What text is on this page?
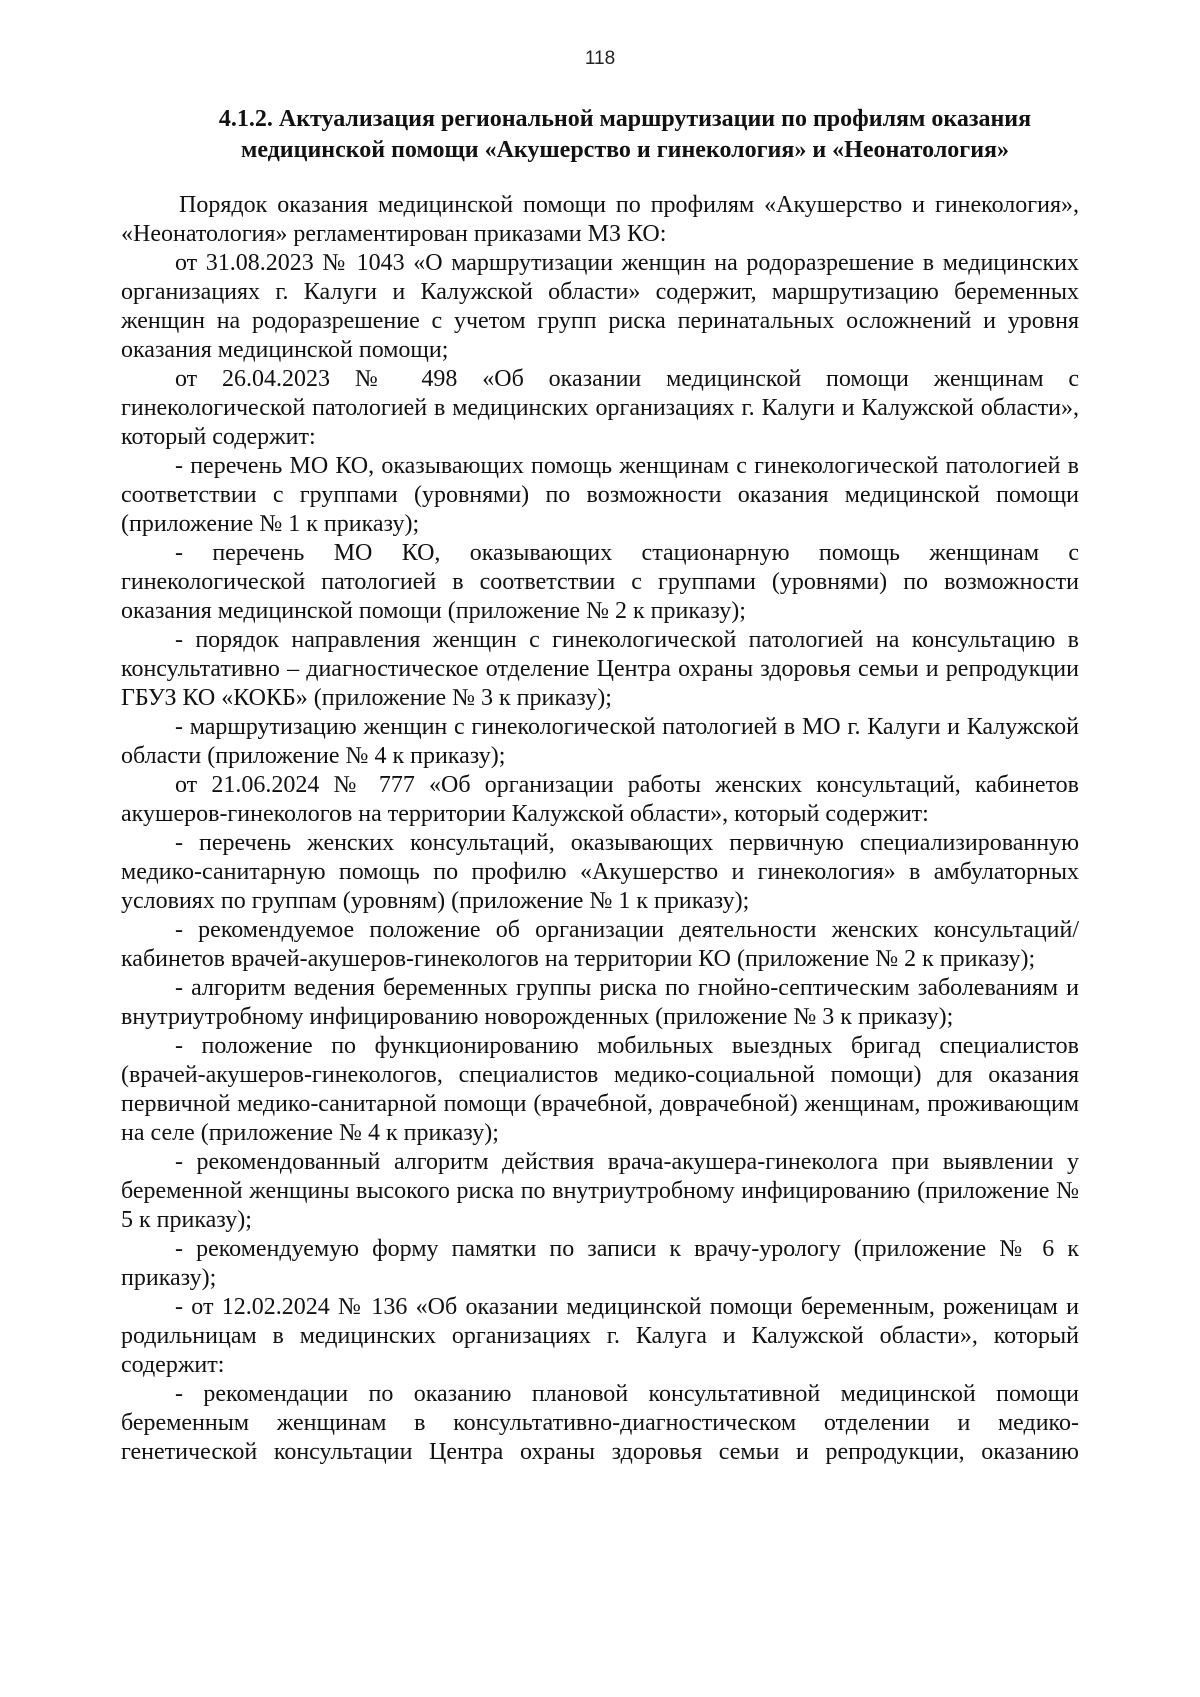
118
4.1.2. Актуализация региональной маршрутизации по профилям оказания
медицинской помощи «Акушерство и гинекология» и «Неонатология»

Порядок оказания медицинской помощи по профилям «Акушерство и гинекология», «Неонатология» регламентирован приказами МЗ КО:

от 31.08.2023 № 1043 «О маршрутизации женщин на родоразрешение в медицинских организациях г. Калуги и Калужской области» содержит, маршрутизацию беременных женщин на родоразрешение с учетом групп риска перинатальных осложнений и уровня оказания медицинской помощи;

от 26.04.2023 № 498 «Об оказании медицинской помощи женщинам с гинекологической патологией в медицинских организациях г. Калуги и Калужской области», который содержит:

- перечень МО КО, оказывающих помощь женщинам с гинекологической патологией в соответствии с группами (уровнями) по возможности оказания медицинской помощи (приложение № 1 к приказу);

- перечень МО КО, оказывающих стационарную помощь женщинам с гинекологической патологией в соответствии с группами (уровнями) по возможности оказания медицинской помощи (приложение № 2 к приказу);

- порядок направления женщин с гинекологической патологией на консультацию в консультативно – диагностическое отделение Центра охраны здоровья семьи и репродукции ГБУЗ КО «КОКБ» (приложение № 3 к приказу);

- маршрутизацию женщин с гинекологической патологией в МО г. Калуги и Калужской области (приложение № 4 к приказу);

от 21.06.2024 № 777 «Об организации работы женских консультаций, кабинетов акушеров-гинекологов на территории Калужской области», который содержит:

- перечень женских консультаций, оказывающих первичную специализированную медико-санитарную помощь по профилю «Акушерство и гинекология» в амбулаторных условиях по группам (уровням) (приложение № 1 к приказу);

- рекомендуемое положение об организации деятельности женских консультаций/кабинетов врачей-акушеров-гинекологов на территории КО (приложение № 2 к приказу);

- алгоритм ведения беременных группы риска по гнойно-септическим заболеваниям и внутриутробному инфицированию новорожденных (приложение № 3 к приказу);

- положение по функционированию мобильных выездных бригад специалистов (врачей-акушеров-гинекологов, специалистов медико-социальной помощи) для оказания первичной медико-санитарной помощи (врачебной, доврачебной) женщинам, проживающим на селе (приложение № 4 к приказу);

- рекомендованный алгоритм действия врача-акушера-гинеколога при выявлении у беременной женщины высокого риска по внутриутробному инфицированию (приложение № 5 к приказу);

- рекомендуемую форму памятки по записи к врачу-урологу (приложение № 6 к приказу);

- от 12.02.2024 № 136 «Об оказании медицинской помощи беременным, роженицам и родильницам в медицинских организациях г. Калуга и Калужской области», который содержит:

- рекомендации по оказанию плановой консультативной медицинской помощи беременным женщинам в консультативно-диагностическом отделении и медико-генетической консультации Центра охраны здоровья семьи и репродукции, оказанию
